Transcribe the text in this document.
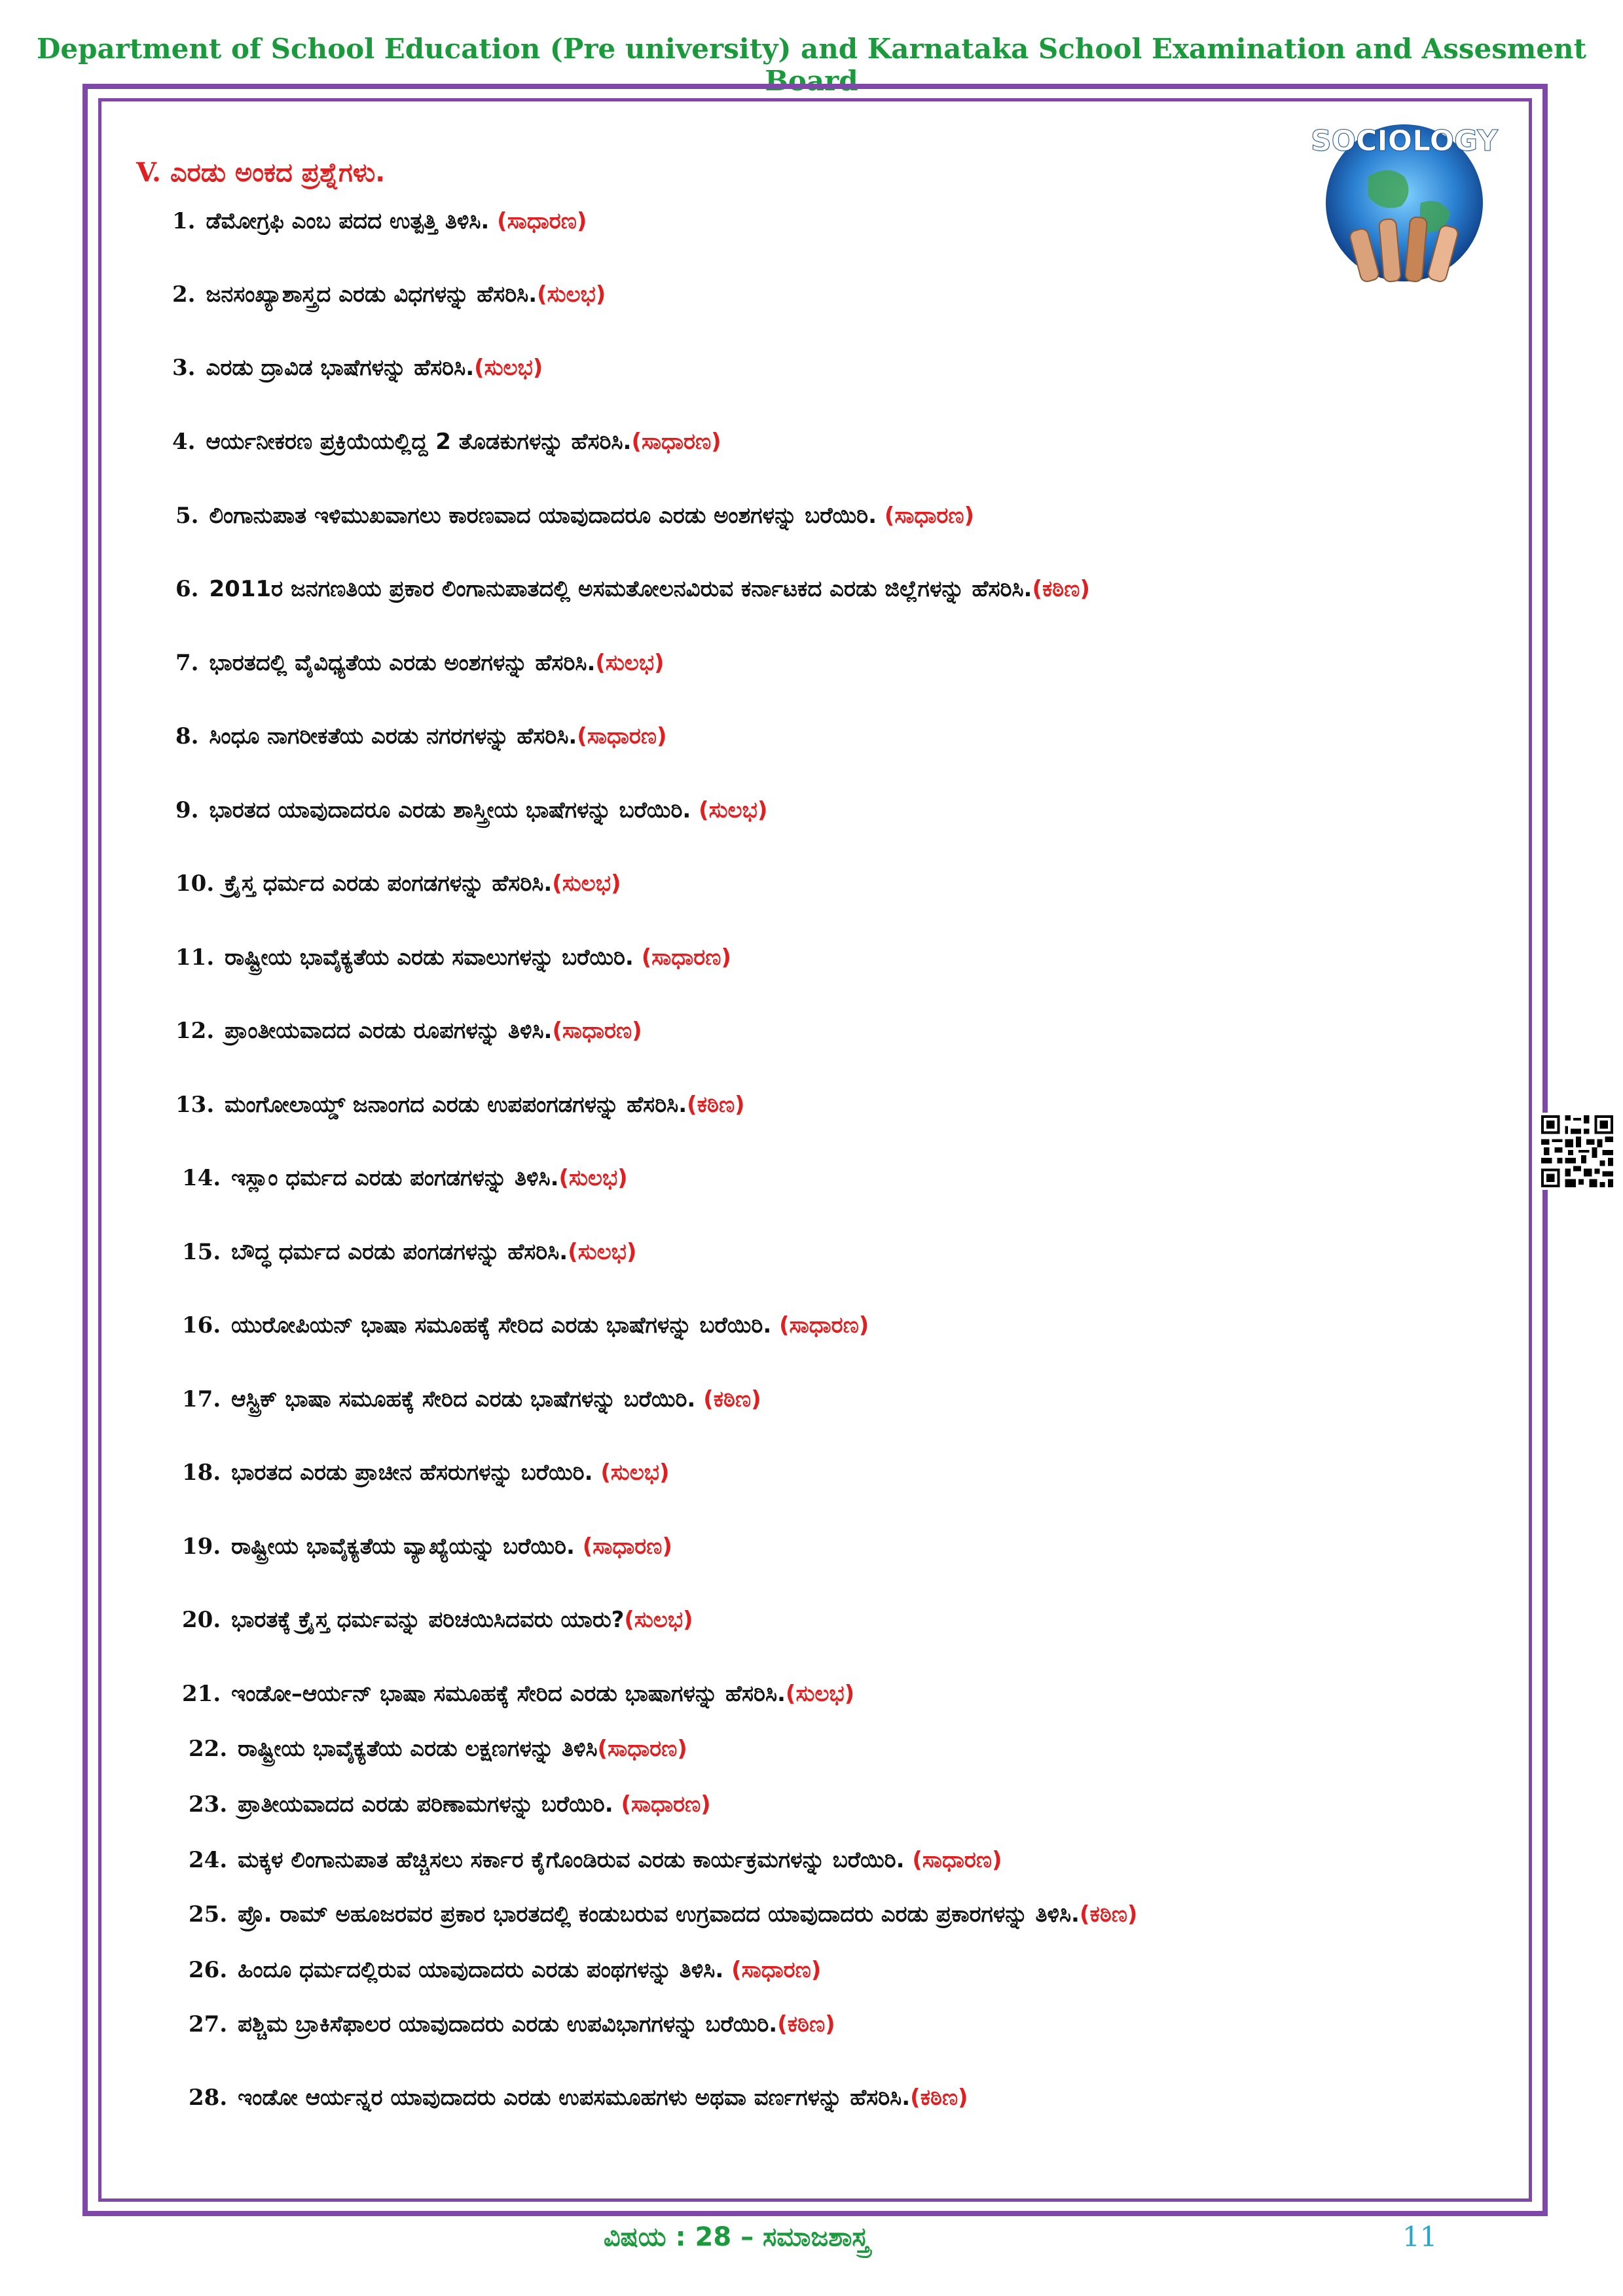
Department of School Education (Pre university) and Karnataka School Examination and Assesment Board
SOCIOLOGY
V. ಎರಡು ಅಂಕದ ಪ್ರಶ್ನೆಗಳು.
1. ಡೆಮೋಗ್ರಫಿ ಎಂಬ ಪದದ ಉತ್ಪತ್ತಿ ತಿಳಿಸಿ. (ಸಾಧಾರಣ)
2. ಜನಸಂಖ್ಯಾಶಾಸ್ತ್ರದ ಎರಡು ವಿಧಗಳನ್ನು ಹೆಸರಿಸಿ.(ಸುಲಭ)
3. ಎರಡು ದ್ರಾವಿಡ ಭಾಷೆಗಳನ್ನು ಹೆಸರಿಸಿ.(ಸುಲಭ)
4. ಆರ್ಯನೀಕರಣ ಪ್ರಕ್ರಿಯೆಯಲ್ಲಿದ್ದ 2 ತೊಡಕುಗಳನ್ನು ಹೆಸರಿಸಿ.(ಸಾಧಾರಣ)
5. ಲಿಂಗಾನುಪಾತ ಇಳಿಮುಖವಾಗಲು ಕಾರಣವಾದ ಯಾವುದಾದರೂ ಎರಡು ಅಂಶಗಳನ್ನು ಬರೆಯಿರಿ. (ಸಾಧಾರಣ)
6. 2011ರ ಜನಗಣತಿಯ ಪ್ರಕಾರ ಲಿಂಗಾನುಪಾತದಲ್ಲಿ ಅಸಮತೋಲನವಿರುವ ಕರ್ನಾಟಕದ ಎರಡು ಜಿಲ್ಲೆಗಳನ್ನು ಹೆಸರಿಸಿ.(ಕಠಿಣ)
7. ಭಾರತದಲ್ಲಿ ವೈವಿಧ್ಯತೆಯ ಎರಡು ಅಂಶಗಳನ್ನು ಹೆಸರಿಸಿ.(ಸುಲಭ)
8. ಸಿಂಧೂ ನಾಗರೀಕತೆಯ ಎರಡು ನಗರಗಳನ್ನು ಹೆಸರಿಸಿ.(ಸಾಧಾರಣ)
9. ಭಾರತದ ಯಾವುದಾದರೂ ಎರಡು ಶಾಸ್ತ್ರೀಯ ಭಾಷೆಗಳನ್ನು ಬರೆಯಿರಿ. (ಸುಲಭ)
10. ಕ್ರೈಸ್ತ ಧರ್ಮದ ಎರಡು ಪಂಗಡಗಳನ್ನು ಹೆಸರಿಸಿ.(ಸುಲಭ)
11. ರಾಷ್ಟ್ರೀಯ ಭಾವೈಕ್ಯತೆಯ ಎರಡು ಸವಾಲುಗಳನ್ನು ಬರೆಯಿರಿ. (ಸಾಧಾರಣ)
12. ಪ್ರಾಂತೀಯವಾದದ ಎರಡು ರೂಪಗಳನ್ನು ತಿಳಿಸಿ.(ಸಾಧಾರಣ)
13. ಮಂಗೋಲಾಯ್ಡ್ ಜನಾಂಗದ ಎರಡು ಉಪಪಂಗಡಗಳನ್ನು ಹೆಸರಿಸಿ.(ಕಠಿಣ)
14. ಇಸ್ಲಾಂ ಧರ್ಮದ ಎರಡು ಪಂಗಡಗಳನ್ನು ತಿಳಿಸಿ.(ಸುಲಭ)
15. ಬೌದ್ಧ ಧರ್ಮದ ಎರಡು ಪಂಗಡಗಳನ್ನು ಹೆಸರಿಸಿ.(ಸುಲಭ)
16. ಯುರೋಪಿಯನ್ ಭಾಷಾ ಸಮೂಹಕ್ಕೆ ಸೇರಿದ ಎರಡು ಭಾಷೆಗಳನ್ನು ಬರೆಯಿರಿ. (ಸಾಧಾರಣ)
17. ಆಸ್ಟ್ರಿಕ್ ಭಾಷಾ ಸಮೂಹಕ್ಕೆ ಸೇರಿದ ಎರಡು ಭಾಷೆಗಳನ್ನು ಬರೆಯಿರಿ. (ಕಠಿಣ)
18. ಭಾರತದ ಎರಡು ಪ್ರಾಚೀನ ಹೆಸರುಗಳನ್ನು ಬರೆಯಿರಿ. (ಸುಲಭ)
19. ರಾಷ್ಟ್ರೀಯ ಭಾವೈಕ್ಯತೆಯ ವ್ಯಾಖ್ಯೆಯನ್ನು ಬರೆಯಿರಿ. (ಸಾಧಾರಣ)
20. ಭಾರತಕ್ಕೆ ಕ್ರೈಸ್ತ ಧರ್ಮವನ್ನು ಪರಿಚಯಿಸಿದವರು ಯಾರು?(ಸುಲಭ)
21. ಇಂಡೋ–ಆರ್ಯನ್ ಭಾಷಾ ಸಮೂಹಕ್ಕೆ ಸೇರಿದ ಎರಡು ಭಾಷಾಗಳನ್ನು ಹೆಸರಿಸಿ.(ಸುಲಭ)
22. ರಾಷ್ಟ್ರೀಯ ಭಾವೈಕ್ಯತೆಯ ಎರಡು ಲಕ್ಷಣಗಳನ್ನು ತಿಳಿಸಿ(ಸಾಧಾರಣ)
23. ಪ್ರಾತೀಯವಾದದ ಎರಡು ಪರಿಣಾಮಗಳನ್ನು ಬರೆಯಿರಿ. (ಸಾಧಾರಣ)
24. ಮಕ್ಕಳ ಲಿಂಗಾನುಪಾತ ಹೆಚ್ಚಿಸಲು ಸರ್ಕಾರ ಕೈಗೊಂಡಿರುವ ಎರಡು ಕಾರ್ಯಕ್ರಮಗಳನ್ನು ಬರೆಯಿರಿ. (ಸಾಧಾರಣ)
25. ಪ್ರೊ. ರಾಮ್ ಅಹೂಜರವರ ಪ್ರಕಾರ ಭಾರತದಲ್ಲಿ ಕಂಡುಬರುವ ಉಗ್ರವಾದದ ಯಾವುದಾದರು ಎರಡು ಪ್ರಕಾರಗಳನ್ನು ತಿಳಿಸಿ.(ಕಠಿಣ)
26. ಹಿಂದೂ ಧರ್ಮದಲ್ಲಿರುವ ಯಾವುದಾದರು ಎರಡು ಪಂಥಗಳನ್ನು ತಿಳಿಸಿ. (ಸಾಧಾರಣ)
27. ಪಶ್ಚಿಮ ಬ್ರಾಕಿಸೆಫಾಲರ ಯಾವುದಾದರು ಎರಡು ಉಪವಿಭಾಗಗಳನ್ನು ಬರೆಯಿರಿ.(ಕಠಿಣ)
28. ಇಂಡೋ ಆರ್ಯನ್ನರ ಯಾವುದಾದರು ಎರಡು ಉಪಸಮೂಹಗಳು ಅಥವಾ ವರ್ಣಗಳನ್ನು ಹೆಸರಿಸಿ.(ಕಠಿಣ)
ವಿಷಯ : 28 – ಸಮಾಜಶಾಸ್ತ್ರ	11
